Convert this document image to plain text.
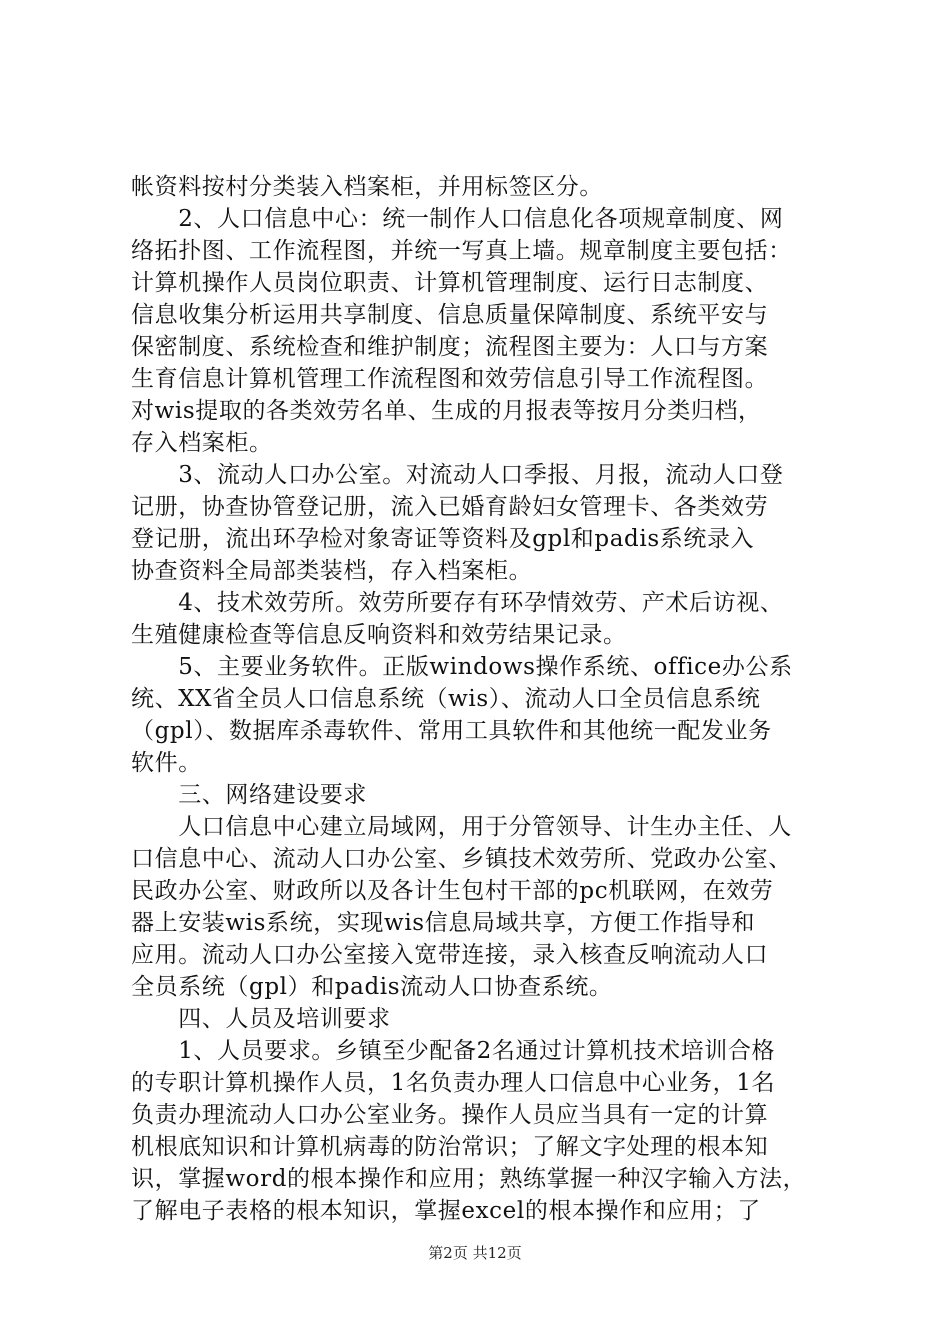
帐资料按村分类装入档案柜，并用标签区分。
　　2、人口信息中心：统一制作人口信息化各项规章制度、网
络拓扑图、工作流程图，并统一写真上墙。规章制度主要包括：
计算机操作人员岗位职责、计算机管理制度、运行日志制度、
信息收集分析运用共享制度、信息质量保障制度、系统平安与
保密制度、系统检查和维护制度；流程图主要为：人口与方案
生育信息计算机管理工作流程图和效劳信息引导工作流程图。
对wis提取的各类效劳名单、生成的月报表等按月分类归档，
存入档案柜。
　　3、流动人口办公室。对流动人口季报、月报，流动人口登
记册，协查协管登记册，流入已婚育龄妇女管理卡、各类效劳
登记册，流出环孕检对象寄证等资料及gpl和padis系统录入
协查资料全局部类装档，存入档案柜。
　　4、技术效劳所。效劳所要存有环孕情效劳、产术后访视、
生殖健康检查等信息反响资料和效劳结果记录。
　　5、主要业务软件。正版windows操作系统、office办公系
统、XX省全员人口信息系统（wis）、流动人口全员信息系统
（gpl）、数据库杀毒软件、常用工具软件和其他统一配发业务
软件。
　　三、网络建设要求
　　人口信息中心建立局域网，用于分管领导、计生办主任、人
口信息中心、流动人口办公室、乡镇技术效劳所、党政办公室、
民政办公室、财政所以及各计生包村干部的pc机联网，在效劳
器上安装wis系统，实现wis信息局域共享，方便工作指导和
应用。流动人口办公室接入宽带连接，录入核查反响流动人口
全员系统（gpl）和padis流动人口协查系统。
　　四、人员及培训要求
　　1、人员要求。乡镇至少配备2名通过计算机技术培训合格
的专职计算机操作人员，1名负责办理人口信息中心业务，1名
负责办理流动人口办公室业务。操作人员应当具有一定的计算
机根底知识和计算机病毒的防治常识；了解文字处理的根本知
识，掌握word的根本操作和应用；熟练掌握一种汉字输入方法，
了解电子表格的根本知识，掌握excel的根本操作和应用；了
第2页 共12页
